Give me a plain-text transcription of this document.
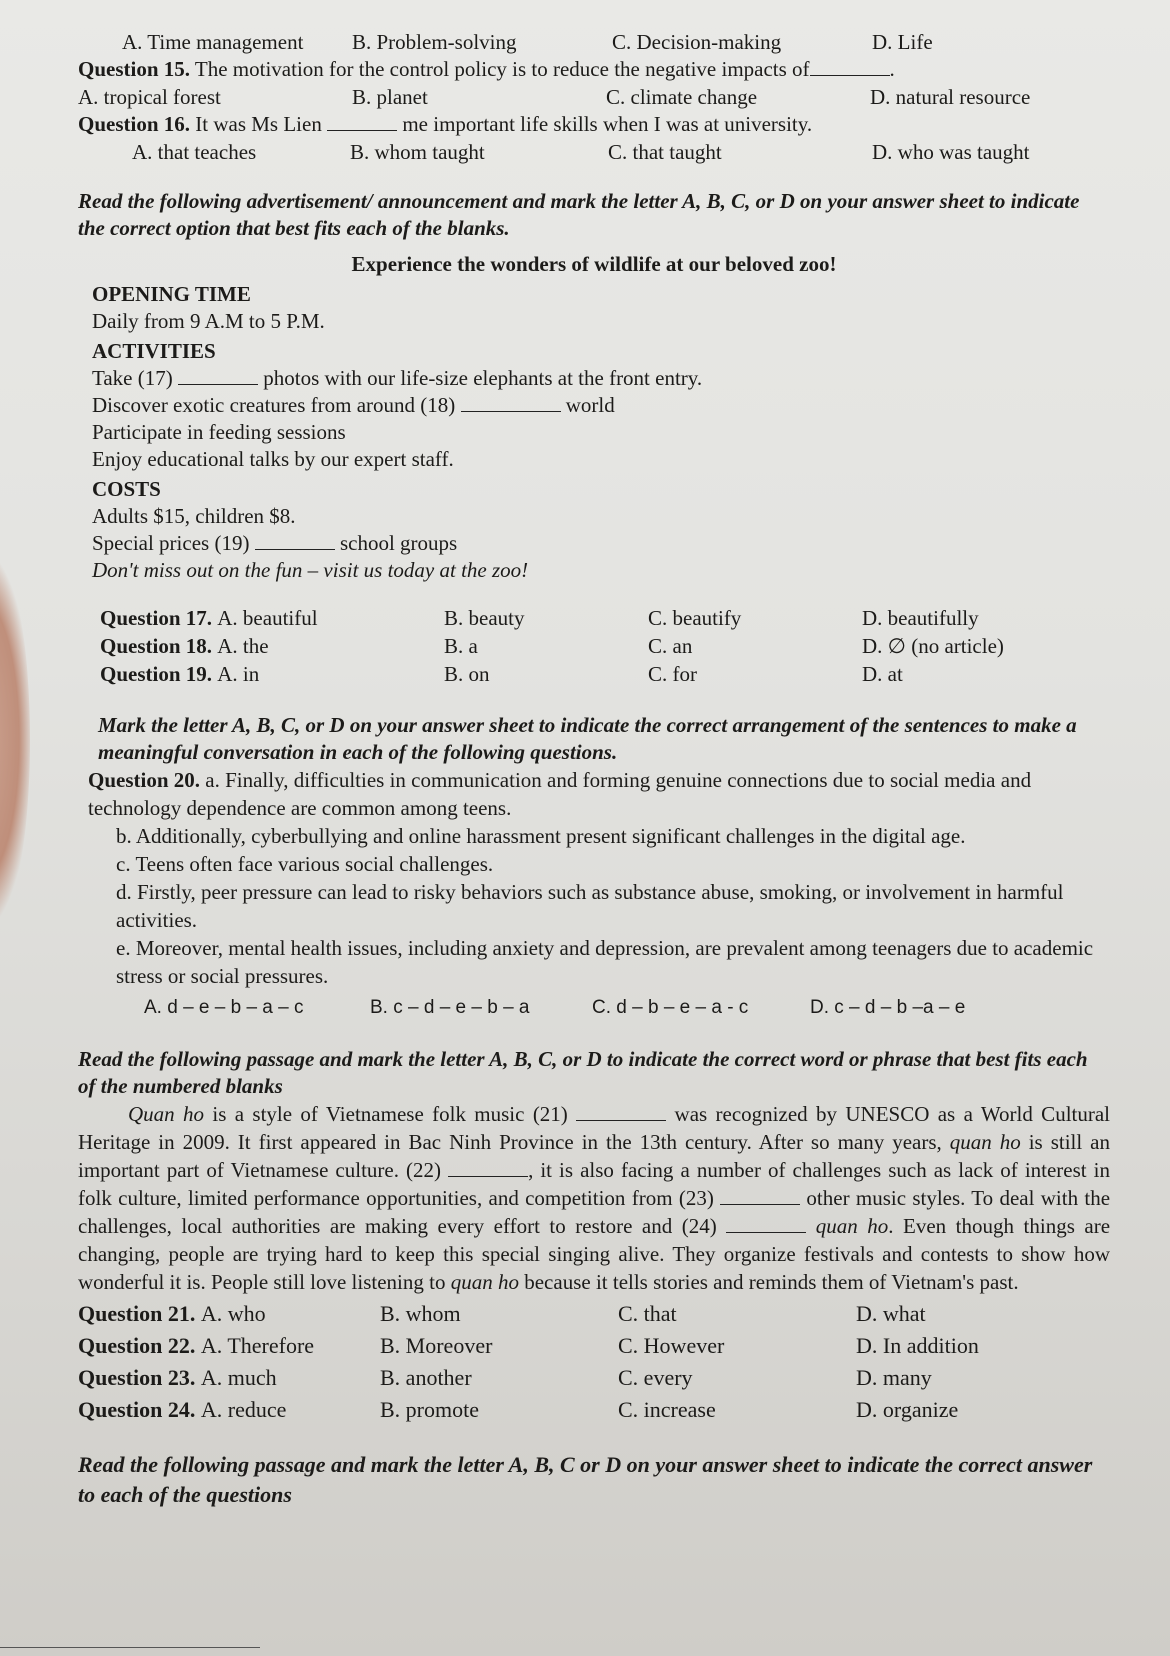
A. Time management	B. Problem-solving	C. Decision-making	D. Life
Question 15. The motivation for the control policy is to reduce the negative impacts of	.
A. tropical forest	B. planet	C. climate change	D. natural resource
Question 16. It was Ms Lien	me important life skills when I was at university.
A. that teaches	B. whom taught	C. that taught	D. who was taught
Read the following advertisement/ announcement and mark the letter A, B, C, or D on your answer sheet to indicate the correct option that best fits each of the blanks.
Experience the wonders of wildlife at our beloved zoo!
OPENING TIME
Daily from 9 A.M to 5 P.M.
ACTIVITIES
Take (17)	photos with our life-size elephants at the front entry.
Discover exotic creatures from around (18)	world
Participate in feeding sessions
Enjoy educational talks by our expert staff.
COSTS
Adults $15, children $8.
Special prices (19)	school groups
Don't miss out on the fun – visit us today at the zoo!
Question 17. A. beautiful	B. beauty	C. beautify	D. beautifully
Question 18. A. the	B. a	C. an	D. ∅ (no article)
Question 19. A. in	B. on	C. for	D. at
Mark the letter A, B, C, or D on your answer sheet to indicate the correct arrangement of the sentences to make a meaningful conversation in each of the following questions.
Question 20. a. Finally, difficulties in communication and forming genuine connections due to social media and technology dependence are common among teens.
b. Additionally, cyberbullying and online harassment present significant challenges in the digital age.
c. Teens often face various social challenges.
d. Firstly, peer pressure can lead to risky behaviors such as substance abuse, smoking, or involvement in harmful activities.
e. Moreover, mental health issues, including anxiety and depression, are prevalent among teenagers due to academic stress or social pressures.
A. d – e – b – a – c	B. c – d – e – b – a	C. d – b – e – a - c	D. c – d – b –a – e
Read the following passage and mark the letter A, B, C, or D to indicate the correct word or phrase that best fits each of the numbered blanks
Quan ho is a style of Vietnamese folk music (21)	was recognized by UNESCO as a World Cultural Heritage in 2009. It first appeared in Bac Ninh Province in the 13th century. After so many years, quan ho is still an important part of Vietnamese culture. (22)	, it is also facing a number of challenges such as lack of interest in folk culture, limited performance opportunities, and competition from (23)	other music styles. To deal with the challenges, local authorities are making every effort to restore and (24)	quan ho. Even though things are changing, people are trying hard to keep this special singing alive. They organize festivals and contests to show how wonderful it is. People still love listening to quan ho because it tells stories and reminds them of Vietnam's past.
Question 21. A. who	B. whom	C. that	D. what
Question 22. A. Therefore	B. Moreover	C. However	D. In addition
Question 23. A. much	B. another	C. every	D. many
Question 24. A. reduce	B. promote	C. increase	D. organize
Read the following passage and mark the letter A, B, C or D on your answer sheet to indicate the correct answer to each of the questions
